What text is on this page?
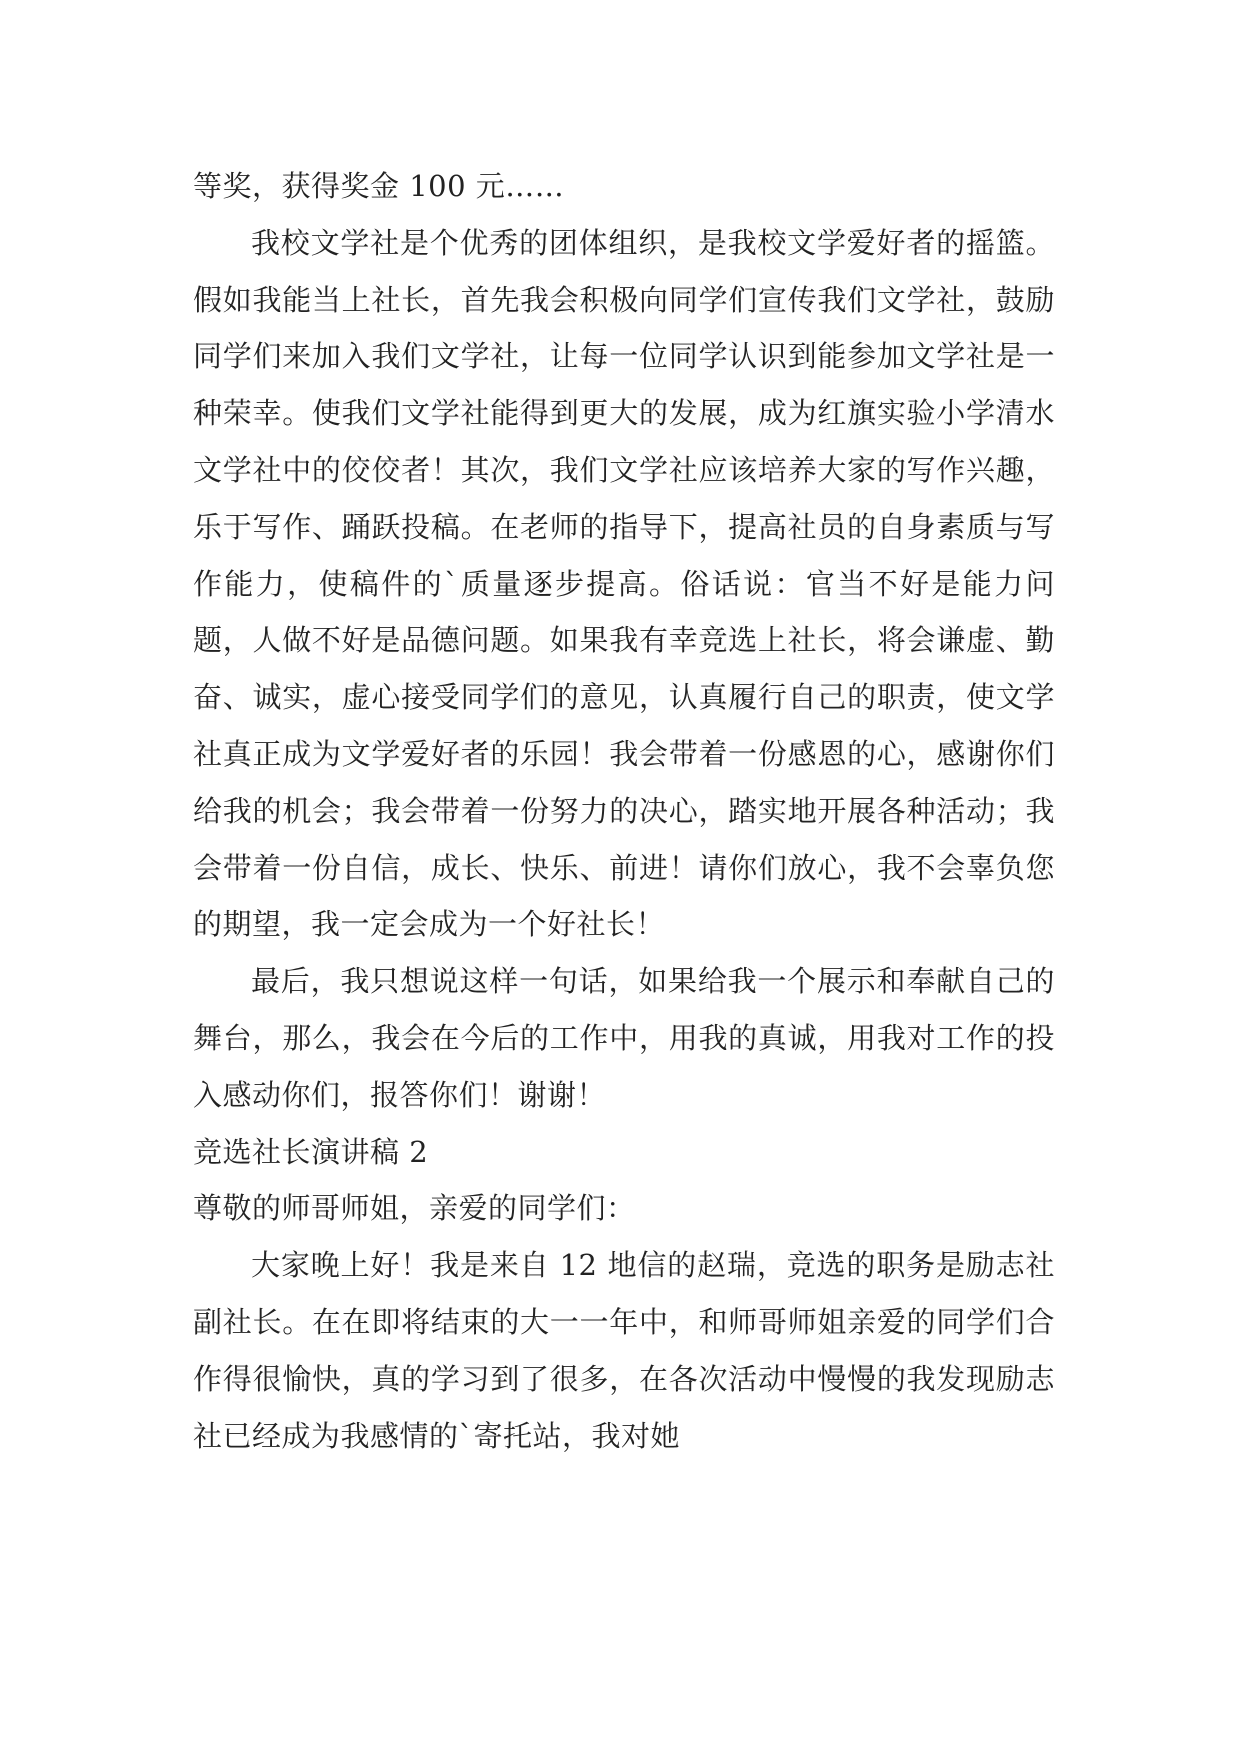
等奖，获得奖金 100 元……

我校文学社是个优秀的团体组织，是我校文学爱好者的摇篮。假如我能当上社长，首先我会积极向同学们宣传我们文学社，鼓励同学们来加入我们文学社，让每一位同学认识到能参加文学社是一种荣幸。使我们文学社能得到更大的发展，成为红旗实验小学清水文学社中的佼佼者！其次，我们文学社应该培养大家的写作兴趣，乐于写作、踊跃投稿。在老师的指导下，提高社员的自身素质与写作能力，使稿件的`质量逐步提高。俗话说：官当不好是能力问题，人做不好是品德问题。如果我有幸竞选上社长，将会谦虚、勤奋、诚实，虚心接受同学们的意见，认真履行自己的职责，使文学社真正成为文学爱好者的乐园！我会带着一份感恩的心，感谢你们给我的机会；我会带着一份努力的决心，踏实地开展各种活动；我会带着一份自信，成长、快乐、前进！请你们放心，我不会辜负您的期望，我一定会成为一个好社长！

最后，我只想说这样一句话，如果给我一个展示和奉献自己的舞台，那么，我会在今后的工作中，用我的真诚，用我对工作的投入感动你们，报答你们！谢谢！

竞选社长演讲稿 2

尊敬的师哥师姐，亲爱的同学们：

大家晚上好！我是来自 12 地信的赵瑞，竞选的职务是励志社副社长。在在即将结束的大一一年中，和师哥师姐亲爱的同学们合作得很愉快，真的学习到了很多，在各次活动中慢慢的我发现励志社已经成为我感情的`寄托站，我对她
